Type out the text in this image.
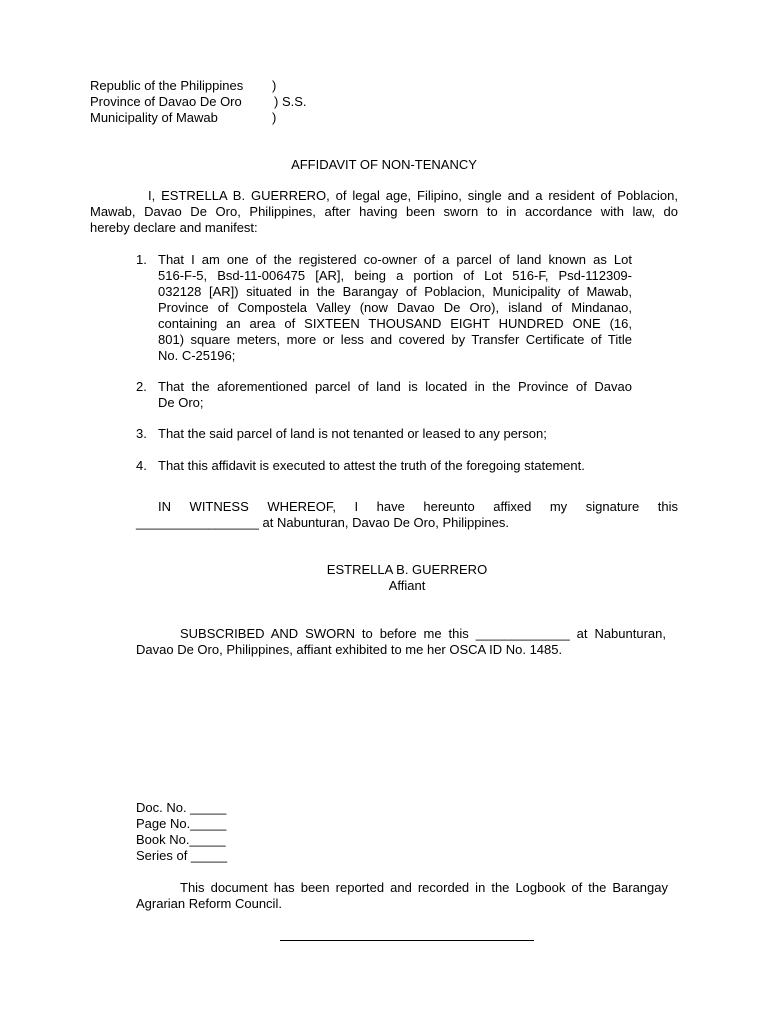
Republic of the Philippines
Province of Davao De Oro
Municipality of Mawab
)
) S.S.
)
AFFIDAVIT OF NON-TENANCY
I, ESTRELLA B. GUERRERO, of legal age, Filipino, single and a resident of Poblacion,
Mawab, Davao De Oro, Philippines, after having been sworn to in accordance with law, do
hereby declare and manifest:
1. That I am one of the registered co-owner of a parcel of land known as Lot
516-F-5, Bsd-11-006475 [AR], being a portion of Lot 516-F, Psd-112309-
032128 [AR]) situated in the Barangay of Poblacion, Municipality of Mawab,
Province of Compostela Valley (now Davao De Oro), island of Mindanao,
containing an area of SIXTEEN THOUSAND EIGHT HUNDRED ONE (16,
801) square meters, more or less and covered by Transfer Certificate of Title
No. C-25196;
2. That the aforementioned parcel of land is located in the Province of Davao
De Oro;
3. That the said parcel of land is not tenanted or leased to any person;
4. That this affidavit is executed to attest the truth of the foregoing statement.
IN WITNESS WHEREOF, I have hereunto affixed my signature this
_________________ at Nabunturan, Davao De Oro, Philippines.
ESTRELLA B. GUERRERO
Affiant
SUBSCRIBED AND SWORN to before me this _____________ at Nabunturan,
Davao De Oro, Philippines, affiant exhibited to me her OSCA ID No. 1485.
Doc. No. _____
Page No._____
Book No._____
Series of _____
This document has been reported and recorded in the Logbook of the Barangay
Agrarian Reform Council.
